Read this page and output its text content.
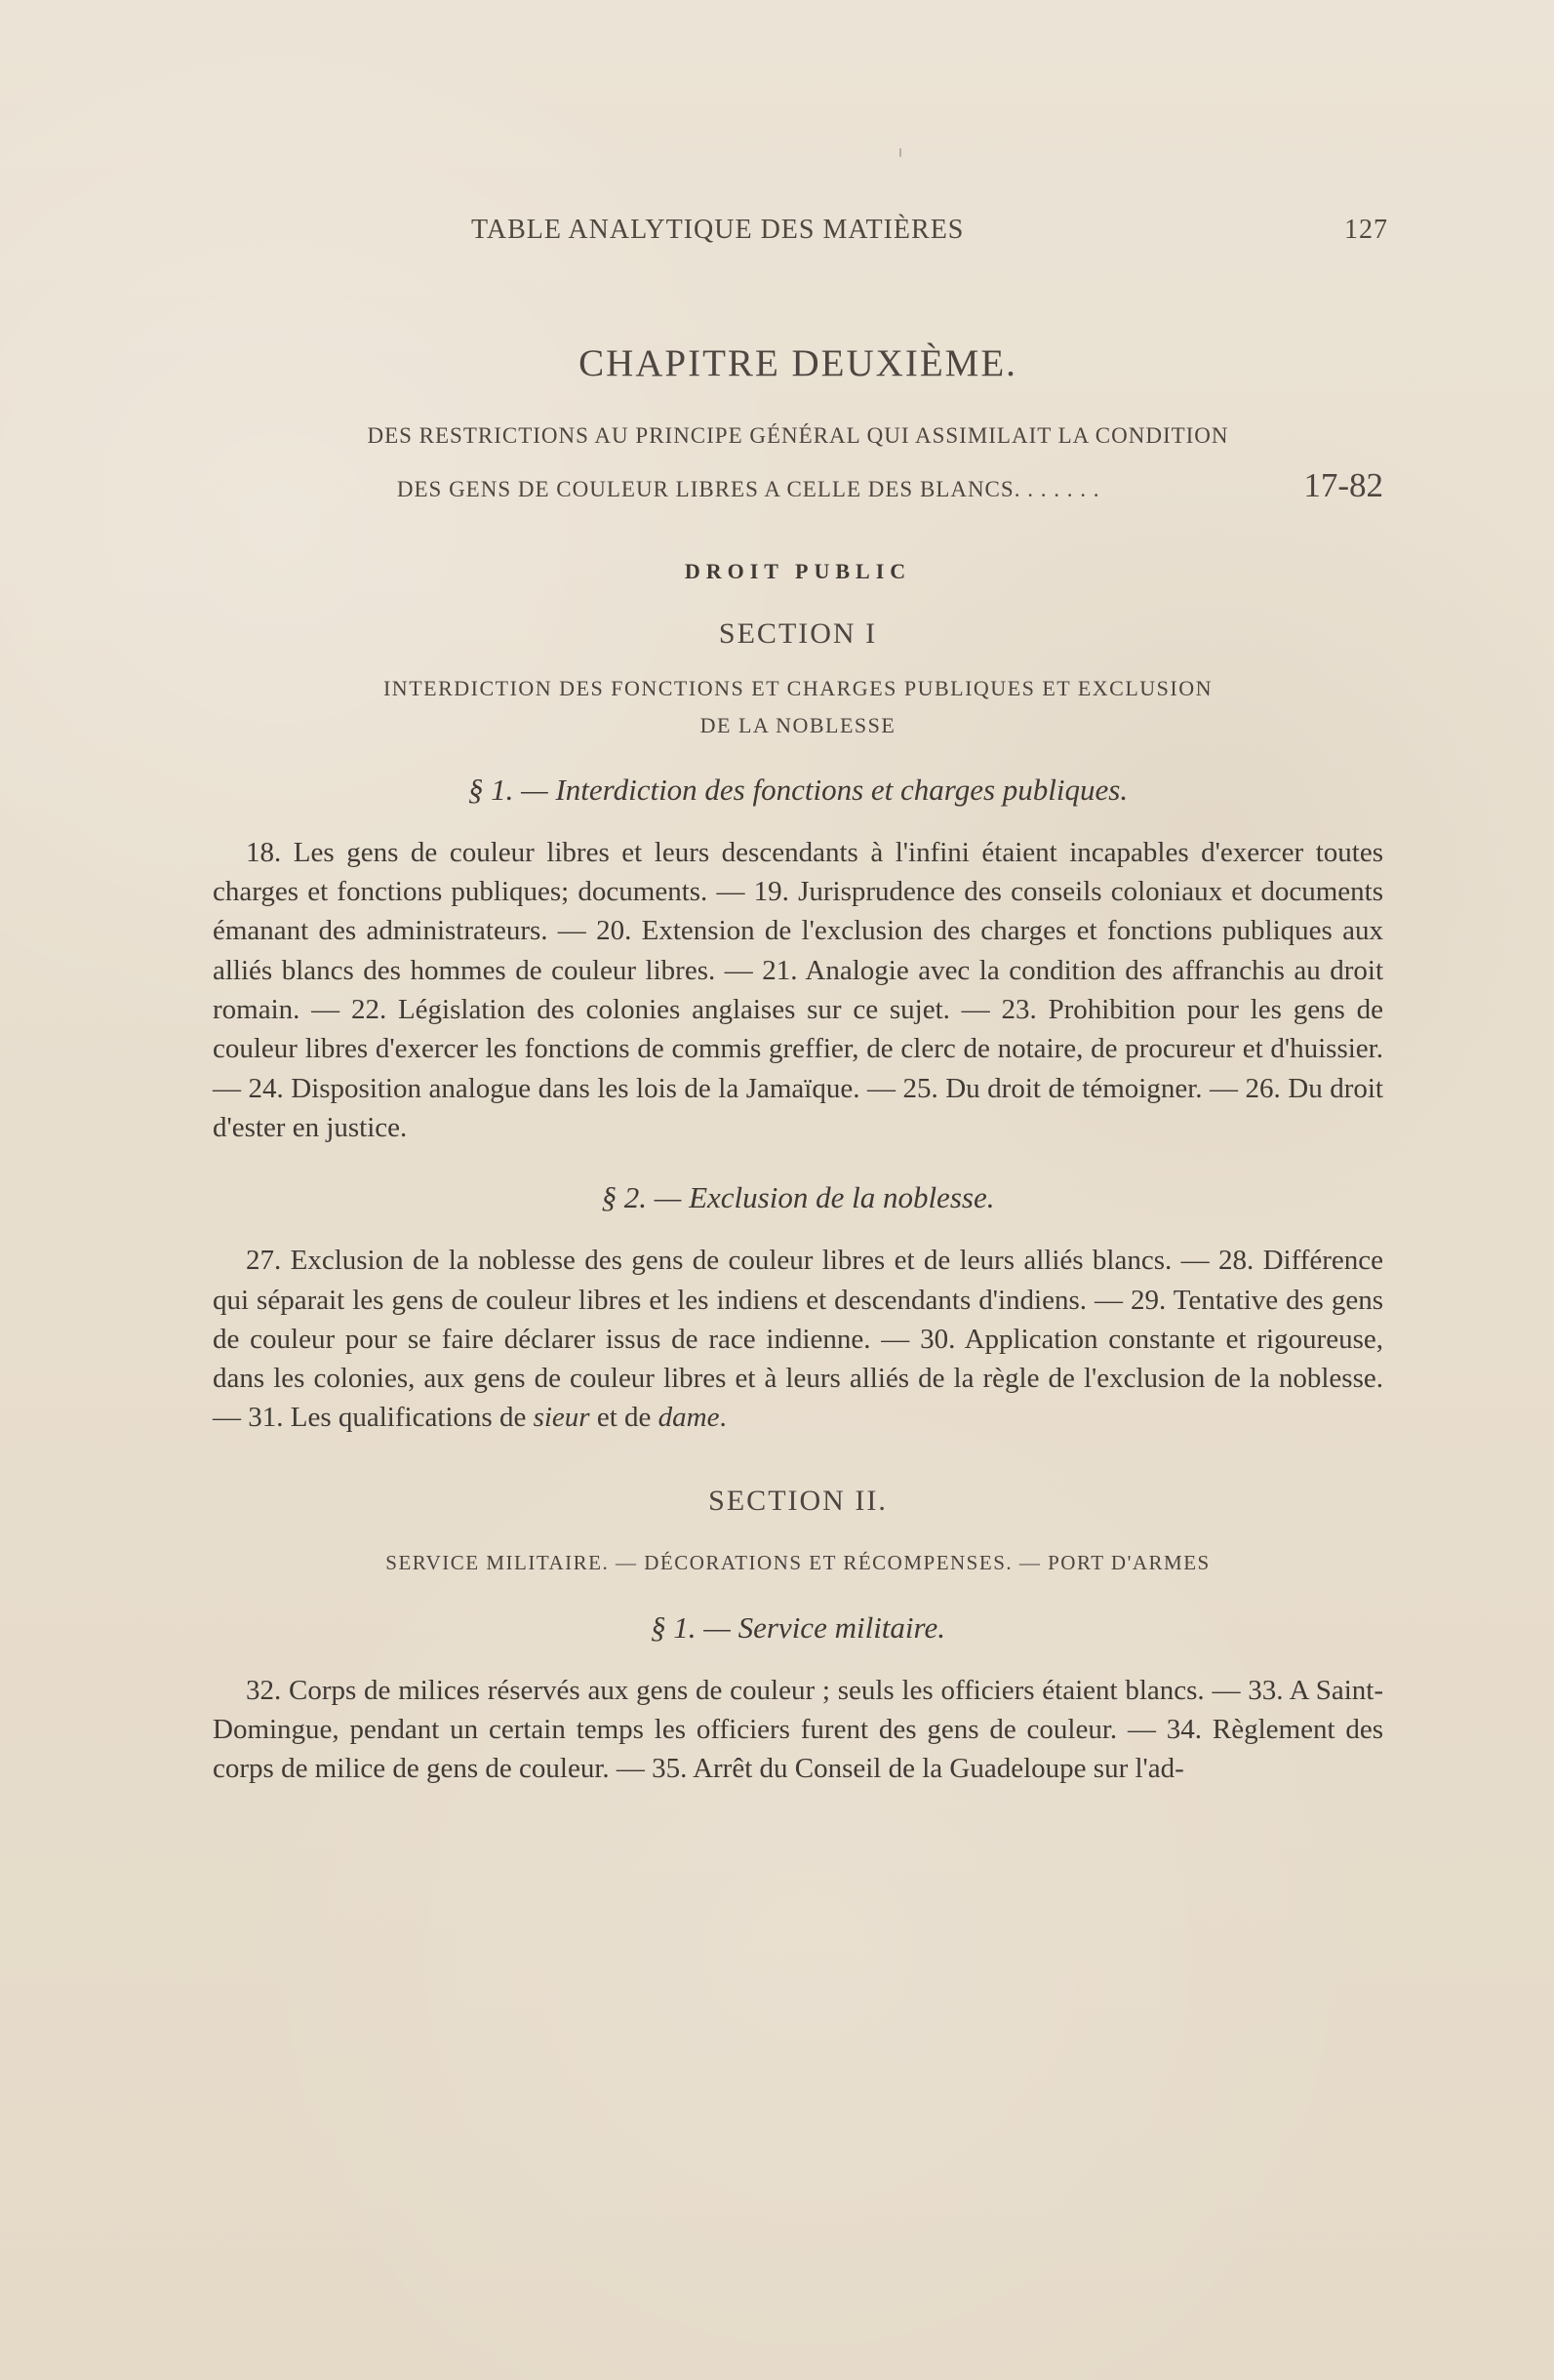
TABLE ANALYTIQUE DES MATIÈRES	127
CHAPITRE DEUXIÈME.
DES RESTRICTIONS AU PRINCIPE GÉNÉRAL QUI ASSIMILAIT LA CONDITION
DES GENS DE COULEUR LIBRES A CELLE DES BLANCS. . . . . . .	17-82
DROIT PUBLIC
SECTION I
INTERDICTION DES FONCTIONS ET CHARGES PUBLIQUES ET EXCLUSION
DE LA NOBLESSE
§ 1. — Interdiction des fonctions et charges publiques.
18. Les gens de couleur libres et leurs descendants à l'infini étaient incapables d'exercer toutes charges et fonctions publiques; documents. — 19. Jurisprudence des conseils coloniaux et documents émanant des administrateurs. — 20. Extension de l'exclusion des charges et fonctions publiques aux alliés blancs des hommes de couleur libres. — 21. Analogie avec la condition des affranchis au droit romain. — 22. Législation des colonies anglaises sur ce sujet. — 23. Prohibition pour les gens de couleur libres d'exercer les fonctions de commis greffier, de clerc de notaire, de procureur et d'huissier. — 24. Disposition analogue dans les lois de la Jamaïque. — 25. Du droit de témoigner. — 26. Du droit d'ester en justice.
§ 2. — Exclusion de la noblesse.
27. Exclusion de la noblesse des gens de couleur libres et de leurs alliés blancs. — 28. Différence qui séparait les gens de couleur libres et les indiens et descendants d'indiens. — 29. Tentative des gens de couleur pour se faire déclarer issus de race indienne. — 30. Application constante et rigoureuse, dans les colonies, aux gens de couleur libres et à leurs alliés de la règle de l'exclusion de la noblesse. — 31. Les qualifications de sieur et de dame.
SECTION II.
SERVICE MILITAIRE. — DÉCORATIONS ET RÉCOMPENSES. — PORT D'ARMES
§ 1. — Service militaire.
32. Corps de milices réservés aux gens de couleur ; seuls les officiers étaient blancs. — 33. A Saint-Domingue, pendant un certain temps les officiers furent des gens de couleur. — 34. Règlement des corps de milice de gens de couleur. — 35. Arrêt du Conseil de la Guadeloupe sur l'ad-
